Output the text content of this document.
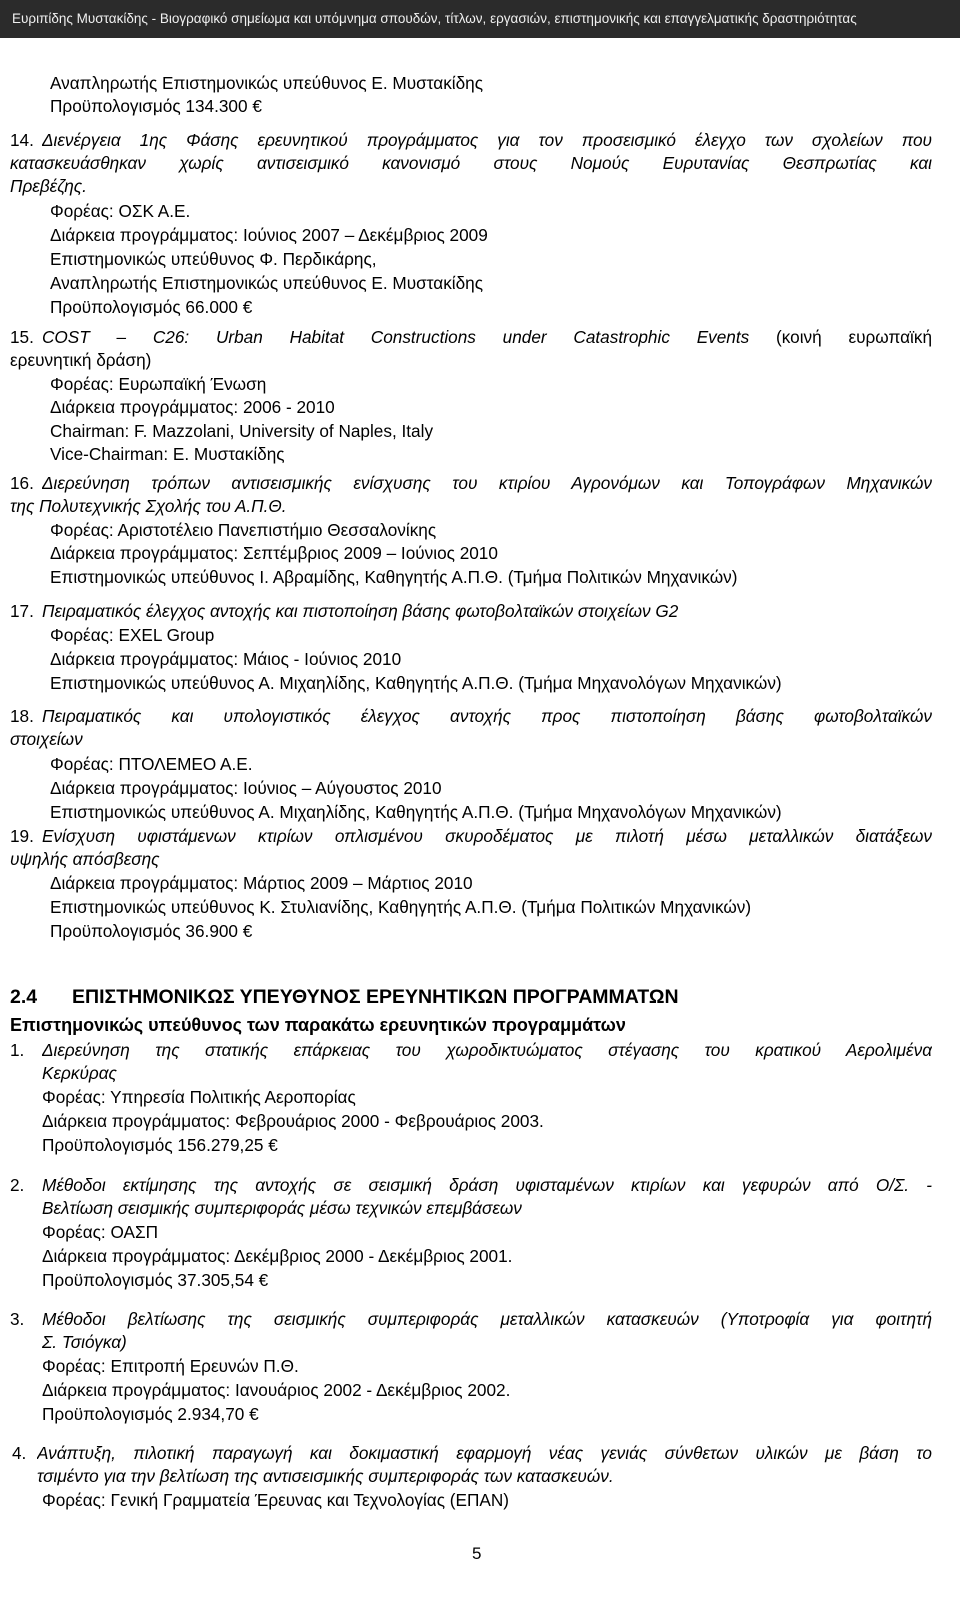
Ευριπίδης Μυστακίδης - Βιογραφικό σημείωμα και υπόμνημα σπουδών, τίτλων, εργασιών, επιστημονικής και επαγγελματικής δραστηριότητας
Αναπληρωτής Επιστημονικώς υπεύθυνος Ε. Μυστακίδης
Προϋπολογισμός 134.300 €
14. Διενέργεια 1ης Φάσης ερευνητικού προγράμματος για τον προσεισμικό έλεγχο των σχολείων που
κατασκευάσθηκαν χωρίς αντισεισμικό κανονισμό στους Νομούς Ευρυτανίας Θεσπρωτίας και
Πρεβέζης.
Φορέας: ΟΣΚ Α.Ε.
Διάρκεια προγράμματος: Ιούνιος 2007 – Δεκέμβριος 2009
Επιστημονικώς υπεύθυνος Φ. Περδικάρης,
Αναπληρωτής Επιστημονικώς υπεύθυνος Ε. Μυστακίδης
Προϋπολογισμός 66.000 €
15. COST – C26: Urban Habitat Constructions under Catastrophic Events (κοινή ευρωπαϊκή
ερευνητική δράση)
Φορέας: Ευρωπαϊκή Ένωση
Διάρκεια προγράμματος: 2006 - 2010
Chairman: F. Mazzolani, University of Naples, Italy
Vice-Chairman: Ε. Μυστακίδης
16. Διερεύνηση τρόπων αντισεισμικής ενίσχυσης του κτιρίου Αγρονόμων και Τοπογράφων Μηχανικών
της Πολυτεχνικής Σχολής του Α.Π.Θ.
Φορέας: Αριστοτέλειο Πανεπιστήμιο Θεσσαλονίκης
Διάρκεια προγράμματος: Σεπτέμβριος 2009 – Ιούνιος 2010
Επιστημονικώς υπεύθυνος Ι. Αβραμίδης, Καθηγητής Α.Π.Θ. (Τμήμα Πολιτικών Μηχανικών)
17. Πειραματικός έλεγχος αντοχής και πιστοποίηση βάσης φωτοβολταϊκών στοιχείων G2
Φορέας: EXEL Group
Διάρκεια προγράμματος: Μάιος - Ιούνιος 2010
Επιστημονικώς υπεύθυνος Α. Μιχαηλίδης, Καθηγητής Α.Π.Θ. (Τμήμα Μηχανολόγων Μηχανικών)
18. Πειραματικός και υπολογιστικός έλεγχος αντοχής προς πιστοποίηση βάσης φωτοβολταϊκών
στοιχείων
Φορέας: ΠΤΟΛΕΜΕΟ Α.Ε.
Διάρκεια προγράμματος: Ιούνιος – Αύγουστος 2010
Επιστημονικώς υπεύθυνος Α. Μιχαηλίδης, Καθηγητής Α.Π.Θ. (Τμήμα Μηχανολόγων Μηχανικών)
19. Ενίσχυση υφιστάμενων κτιρίων οπλισμένου σκυροδέματος με πιλοτή μέσω μεταλλικών διατάξεων
υψηλής απόσβεσης
Διάρκεια προγράμματος: Μάρτιος 2009 – Μάρτιος 2010
Επιστημονικώς υπεύθυνος Κ. Στυλιανίδης, Καθηγητής Α.Π.Θ. (Τμήμα Πολιτικών Μηχανικών)
Προϋπολογισμός 36.900 €
2.4 ΕΠΙΣΤΗΜΟΝΙΚΩΣ ΥΠΕΥΘΥΝΟΣ ΕΡΕΥΝΗΤΙΚΩΝ ΠΡΟΓΡΑΜΜΑΤΩΝ
Επιστημονικώς υπεύθυνος των παρακάτω ερευνητικών προγραμμάτων
1. Διερεύνηση της στατικής επάρκειας του χωροδικτυώματος στέγασης του κρατικού Αερολιμένα
Κερκύρας
Φορέας: Υπηρεσία Πολιτικής Αεροπορίας
Διάρκεια προγράμματος: Φεβρουάριος 2000 - Φεβρουάριος 2003.
Προϋπολογισμός 156.279,25 €
2. Μέθοδοι εκτίμησης της αντοχής σε σεισμική δράση υφισταμένων κτιρίων και γεφυρών από Ο/Σ. -
Βελτίωση σεισμικής συμπεριφοράς μέσω τεχνικών επεμβάσεων
Φορέας: ΟΑΣΠ
Διάρκεια προγράμματος: Δεκέμβριος 2000 - Δεκέμβριος 2001.
Προϋπολογισμός 37.305,54 €
3. Μέθοδοι βελτίωσης της σεισμικής συμπεριφοράς μεταλλικών κατασκευών (Υποτροφία για φοιτητή
Σ. Τσιόγκα)
Φορέας: Επιτροπή Ερευνών Π.Θ.
Διάρκεια προγράμματος: Ιανουάριος 2002 - Δεκέμβριος 2002.
Προϋπολογισμός 2.934,70 €
4. Ανάπτυξη, πιλοτική παραγωγή και δοκιμαστική εφαρμογή νέας γενιάς σύνθετων υλικών με βάση το
τσιμέντο για την βελτίωση της αντισεισμικής συμπεριφοράς των κατασκευών.
Φορέας: Γενική Γραμματεία Έρευνας και Τεχνολογίας (ΕΠΑΝ)
5
